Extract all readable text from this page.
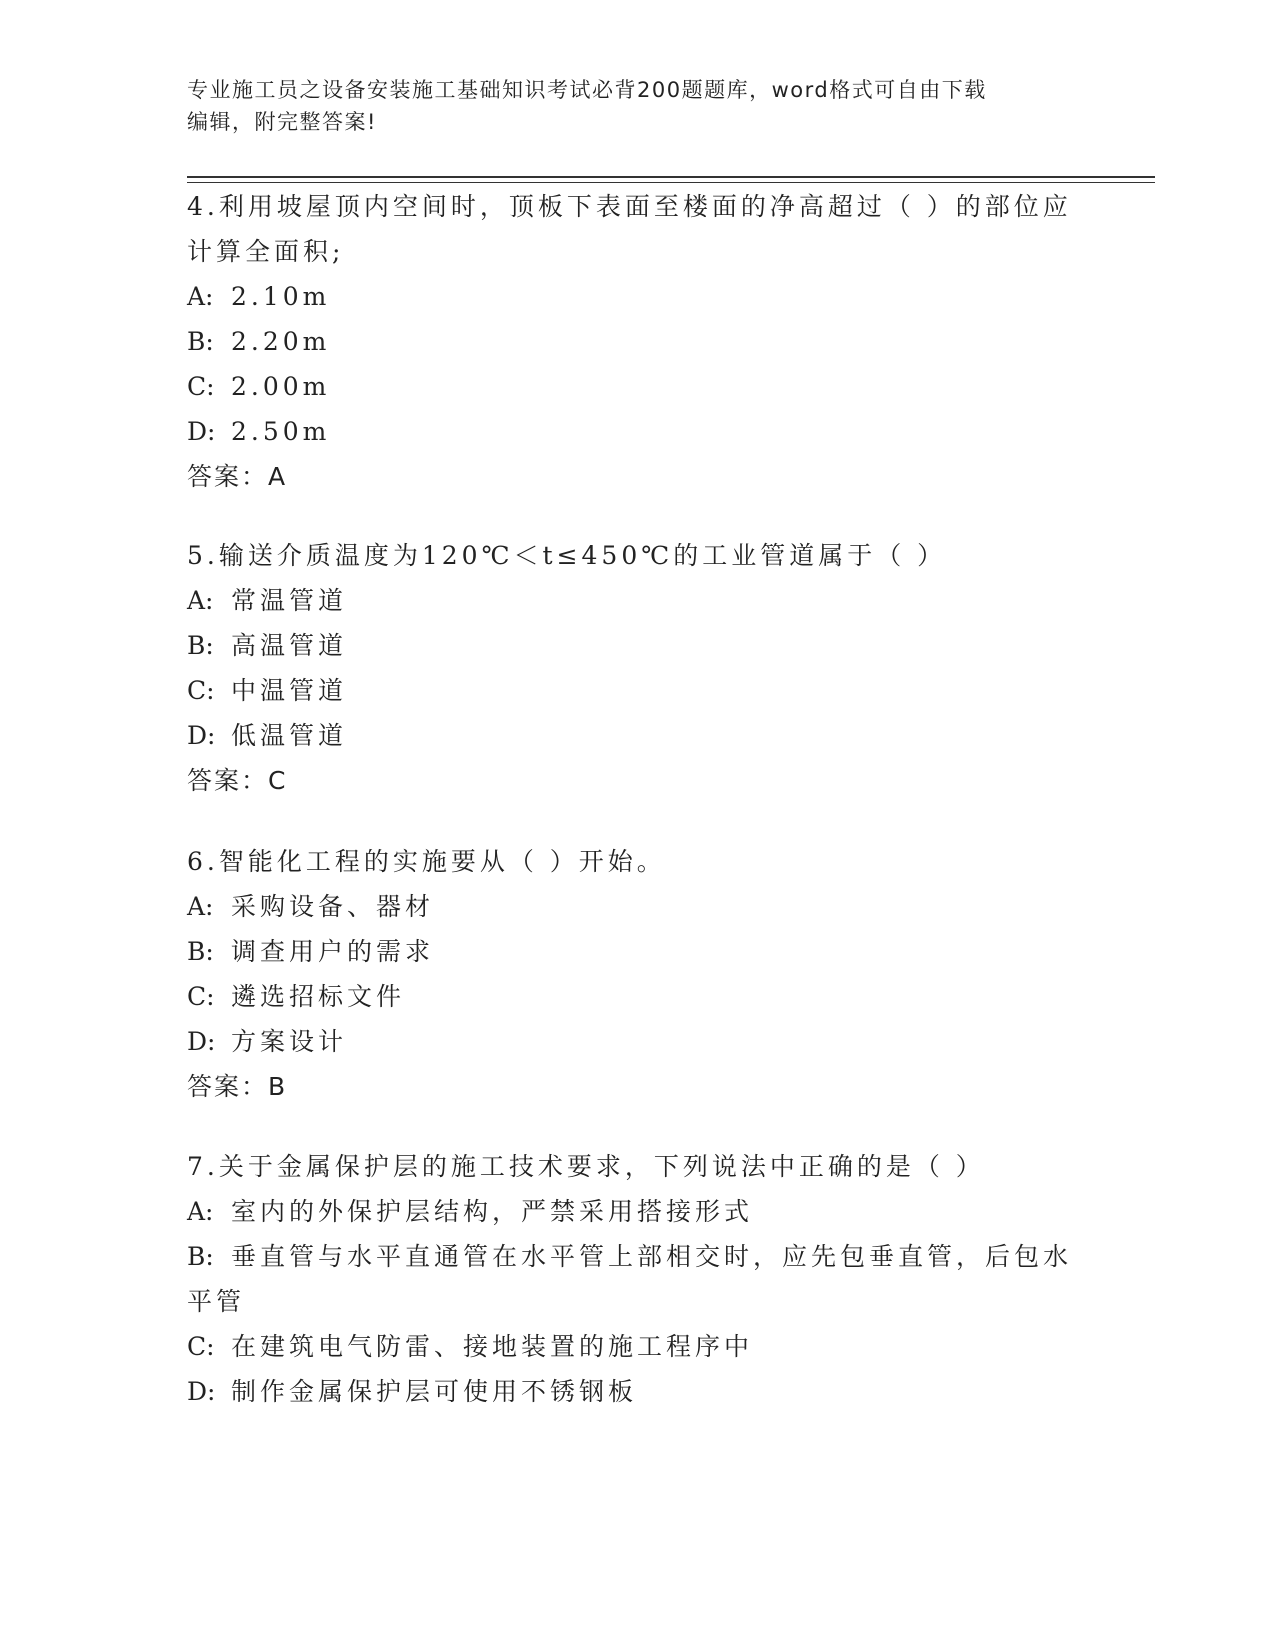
专业施工员之设备安装施工基础知识考试必背200题题库，word格式可自由下载
编辑，附完整答案!
4.利用坡屋顶内空间时，顶板下表面至楼面的净高超过（ ）的部位应
计算全面积;
A: 2.10m
B: 2.20m
C: 2.00m
D: 2.50m
答案：A
5.输送介质温度为120℃＜t≤450℃的工业管道属于（ ）
A: 常温管道
B: 高温管道
C: 中温管道
D: 低温管道
答案：C
6.智能化工程的实施要从（ ）开始。
A: 采购设备、器材
B: 调查用户的需求
C: 遴选招标文件
D: 方案设计
答案：B
7.关于金属保护层的施工技术要求，下列说法中正确的是（ ）
A: 室内的外保护层结构，严禁采用搭接形式
B: 垂直管与水平直通管在水平管上部相交时，应先包垂直管，后包水
平管
C: 在建筑电气防雷、接地装置的施工程序中
D: 制作金属保护层可使用不锈钢板
